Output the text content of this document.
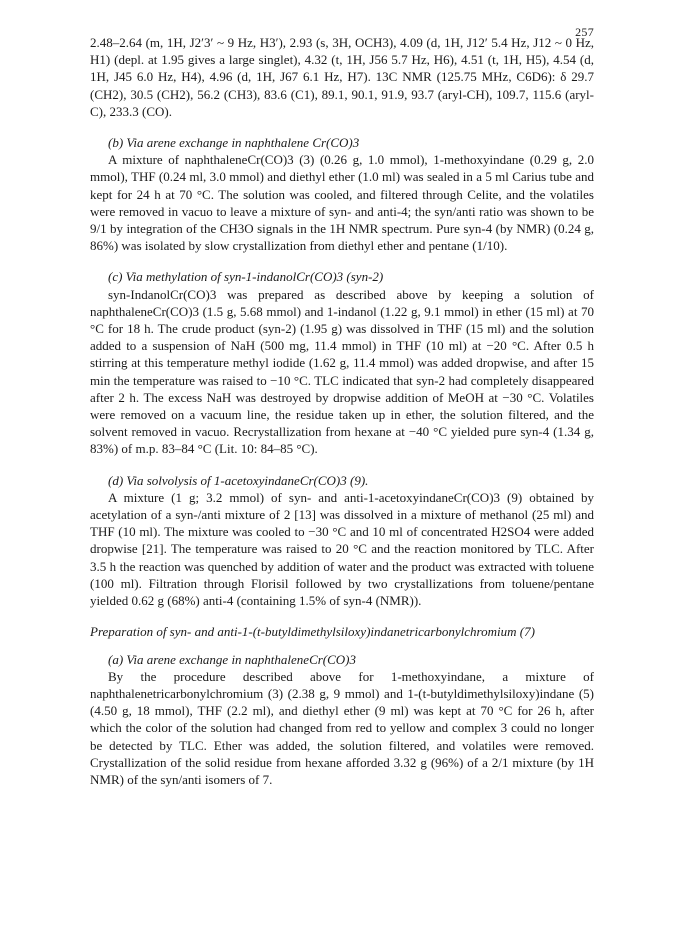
257

2.48–2.64 (m, 1H, J2′3′ ~ 9 Hz, H3′), 2.93 (s, 3H, OCH3), 4.09 (d, 1H, J12′ 5.4 Hz, J12 ~ 0 Hz, H1) (depl. at 1.95 gives a large singlet), 4.32 (t, 1H, J56 5.7 Hz, H6), 4.51 (t, 1H, H5), 4.54 (d, 1H, J45 6.0 Hz, H4), 4.96 (d, 1H, J67 6.1 Hz, H7). 13C NMR (125.75 MHz, C6D6): δ 29.7 (CH2), 30.5 (CH2), 56.2 (CH3), 83.6 (C1), 89.1, 90.1, 91.9, 93.7 (aryl-CH), 109.7, 115.6 (aryl-C), 233.3 (CO).

(b) Via arene exchange in naphthalene Cr(CO)3

A mixture of naphthaleneCr(CO)3 (3) (0.26 g, 1.0 mmol), 1-methoxyindane (0.29 g, 2.0 mmol), THF (0.24 ml, 3.0 mmol) and diethyl ether (1.0 ml) was sealed in a 5 ml Carius tube and kept for 24 h at 70 °C. The solution was cooled, and filtered through Celite, and the volatiles were removed in vacuo to leave a mixture of syn- and anti-4; the syn/anti ratio was shown to be 9/1 by integration of the CH3O signals in the 1H NMR spectrum. Pure syn-4 (by NMR) (0.24 g, 86%) was isolated by slow crystallization from diethyl ether and pentane (1/10).

(c) Via methylation of syn-1-indanolCr(CO)3 (syn-2)

syn-IndanolCr(CO)3 was prepared as described above by keeping a solution of naphthaleneCr(CO)3 (1.5 g, 5.68 mmol) and 1-indanol (1.22 g, 9.1 mmol) in ether (15 ml) at 70 °C for 18 h. The crude product (syn-2) (1.95 g) was dissolved in THF (15 ml) and the solution added to a suspension of NaH (500 mg, 11.4 mmol) in THF (10 ml) at −20 °C. After 0.5 h stirring at this temperature methyl iodide (1.62 g, 11.4 mmol) was added dropwise, and after 15 min the temperature was raised to −10 °C. TLC indicated that syn-2 had completely disappeared after 2 h. The excess NaH was destroyed by dropwise addition of MeOH at −30 °C. Volatiles were removed on a vacuum line, the residue taken up in ether, the solution filtered, and the solvent removed in vacuo. Recrystallization from hexane at −40 °C yielded pure syn-4 (1.34 g, 83%) of m.p. 83–84 °C (Lit. 10: 84–85 °C).

(d) Via solvolysis of 1-acetoxyindaneCr(CO)3 (9).

A mixture (1 g; 3.2 mmol) of syn- and anti-1-acetoxyindaneCr(CO)3 (9) obtained by acetylation of a syn-/anti mixture of 2 [13] was dissolved in a mixture of methanol (25 ml) and THF (10 ml). The mixture was cooled to −30 °C and 10 ml of concentrated H2SO4 were added dropwise [21]. The temperature was raised to 20 °C and the reaction monitored by TLC. After 3.5 h the reaction was quenched by addition of water and the product was extracted with toluene (100 ml). Filtration through Florisil followed by two crystallizations from toluene/pentane yielded 0.62 g (68%) anti-4 (containing 1.5% of syn-4 (NMR)).

Preparation of syn- and anti-1-(t-butyldimethylsiloxy)indanetricarbonylchromium (7)

(a) Via arene exchange in naphthaleneCr(CO)3

By the procedure described above for 1-methoxyindane, a mixture of naphthalenetricarbonylchromium (3) (2.38 g, 9 mmol) and 1-(t-butyldimethylsiloxy)indane (5) (4.50 g, 18 mmol), THF (2.2 ml), and diethyl ether (9 ml) was kept at 70 °C for 26 h, after which the color of the solution had changed from red to yellow and complex 3 could no longer be detected by TLC. Ether was added, the solution filtered, and volatiles were removed. Crystallization of the solid residue from hexane afforded 3.32 g (96%) of a 2/1 mixture (by 1H NMR) of the syn/anti isomers of 7.
